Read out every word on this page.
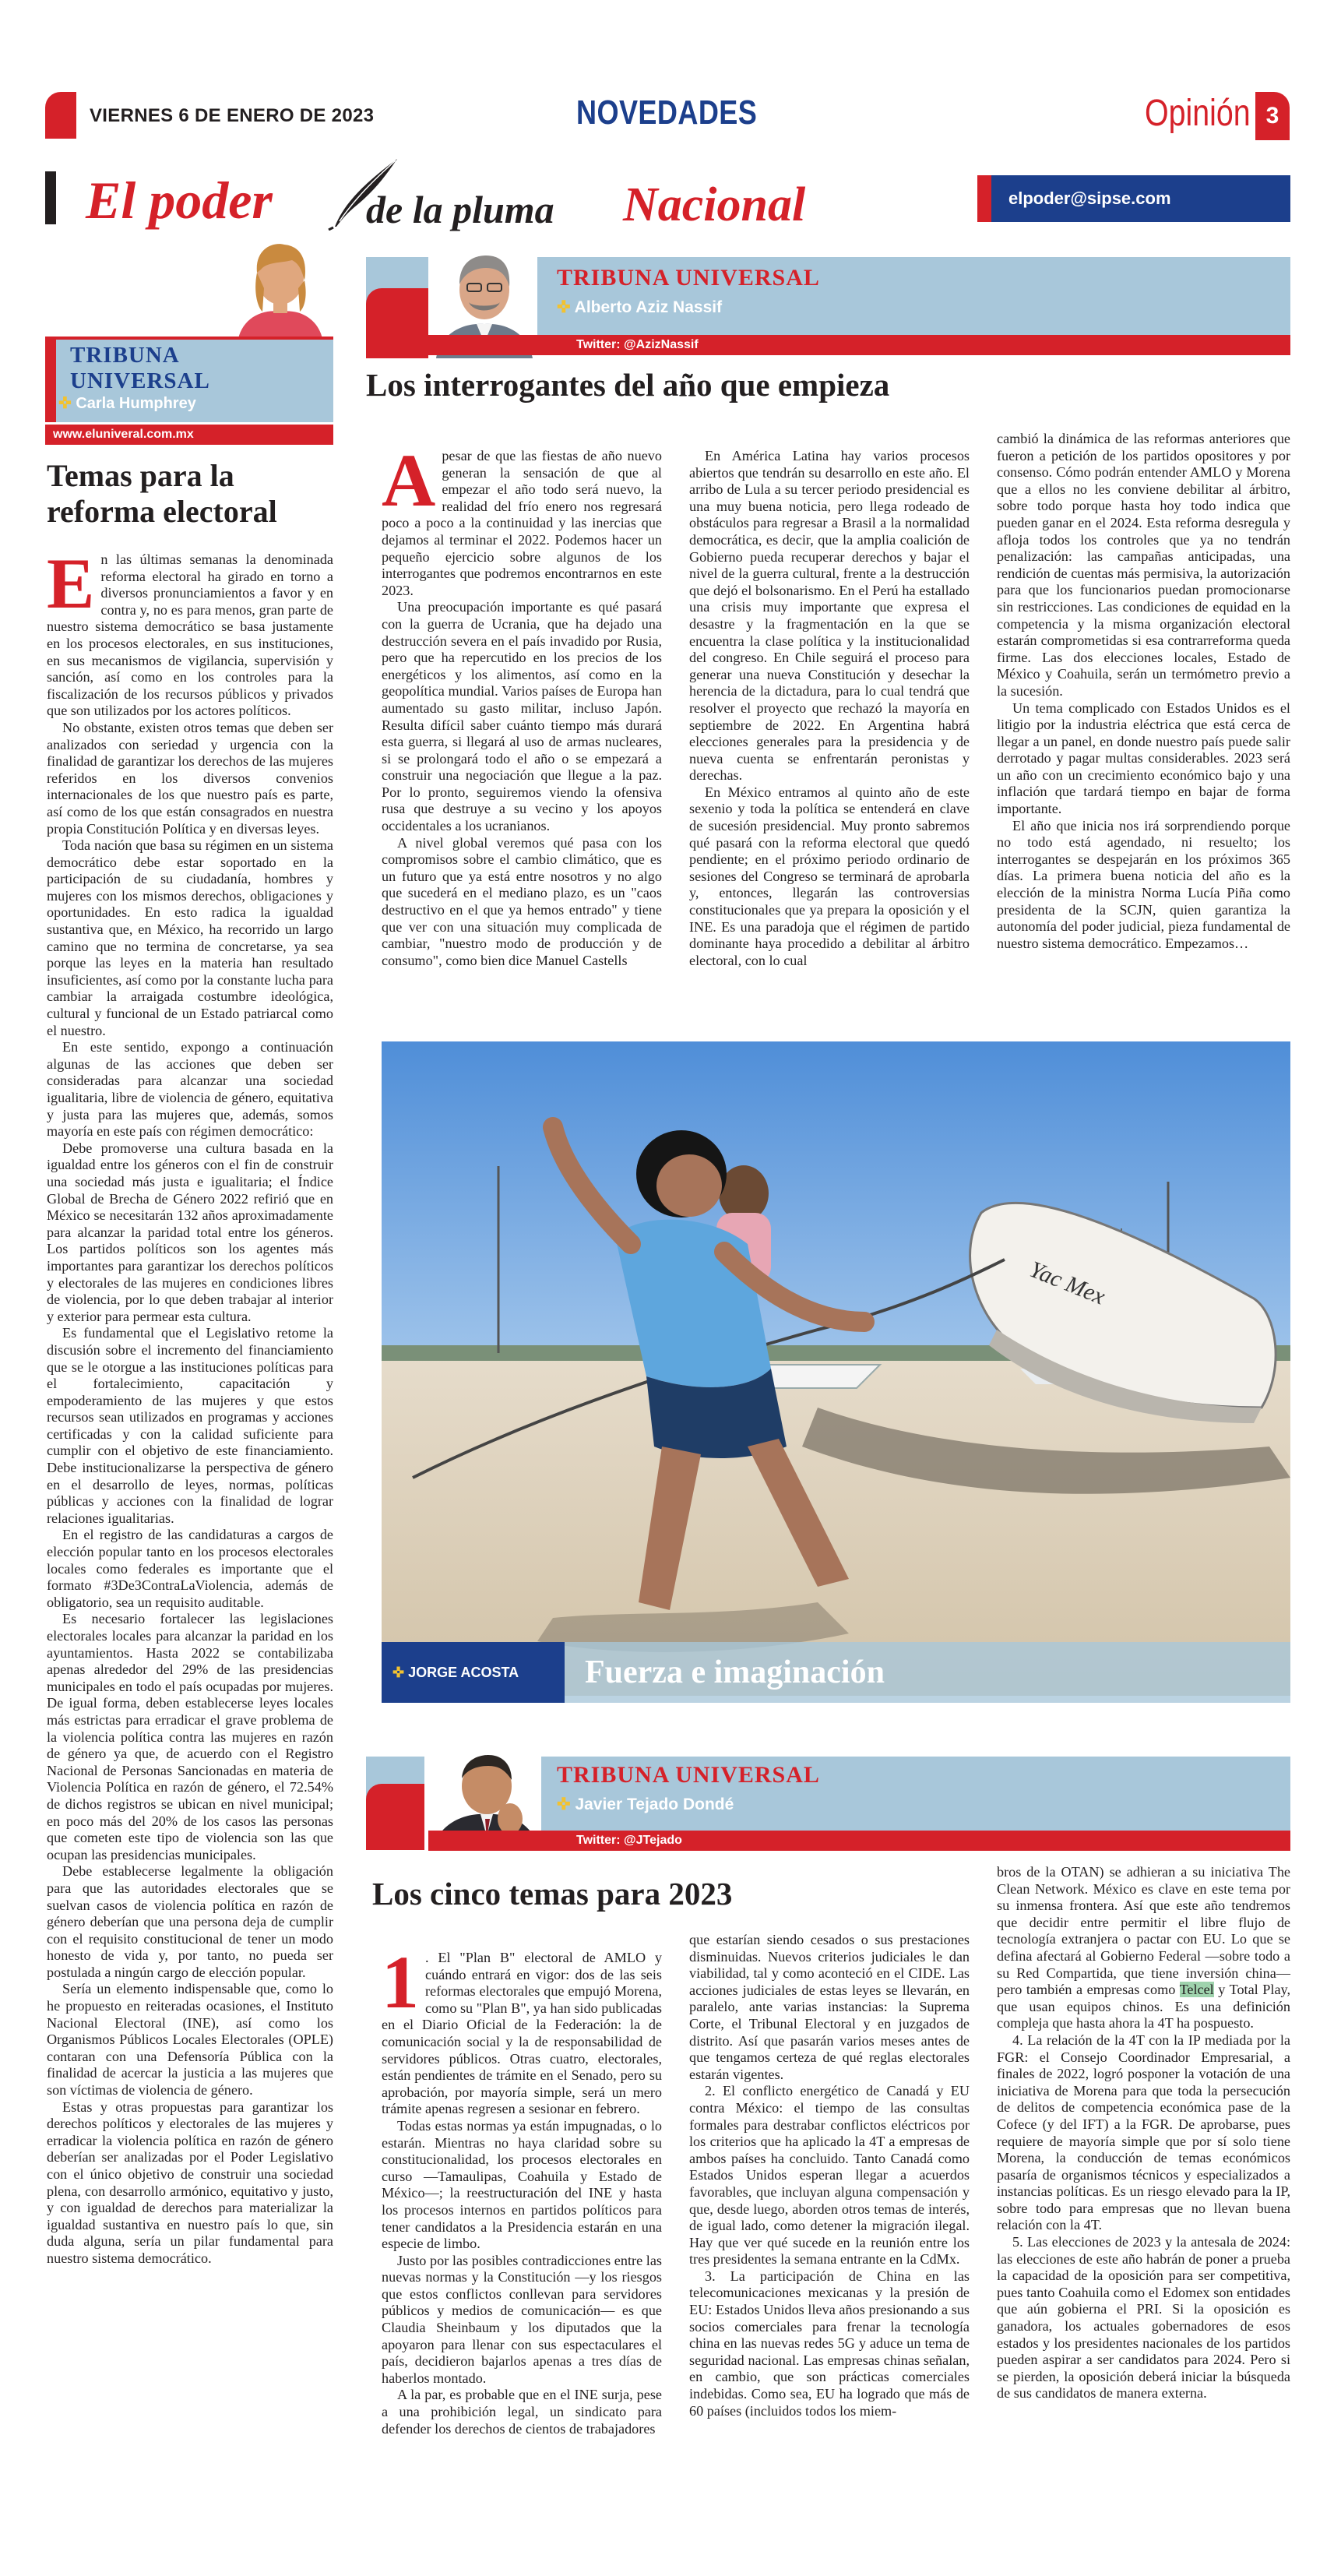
VIERNES 6 DE ENERO DE 2023	NOVEDADES	Opinión 3
El poder de la pluma Nacional	elpoder@sipse.com
TRIBUNA UNIVERSAL
✜ Carla Humphrey
www.eluniveral.com.mx
Temas para la reforma electoral

En las últimas semanas la denominada reforma electoral ha girado en torno a diversos pronunciamientos a favor y en contra y, no es para menos, gran parte de nuestro sistema democrático se basa justamente en los procesos electorales, en sus instituciones, en sus mecanismos de vigilancia, supervisión y sanción, así como en los controles para la fiscalización de los recursos públicos y privados que son utilizados por los actores políticos.

No obstante, existen otros temas que deben ser analizados con seriedad y urgencia con la finalidad de garantizar los derechos de las mujeres referidos en los diversos convenios internacionales de los que nuestro país es parte, así como de los que están consagrados en nuestra propia Constitución Política y en diversas leyes.

Toda nación que basa su régimen en un sistema democrático debe estar soportado en la participación de su ciudadanía, hombres y mujeres con los mismos derechos, obligaciones y oportunidades. En esto radica la igualdad sustantiva que, en México, ha recorrido un largo camino que no termina de concretarse, ya sea porque las leyes en la materia han resultado insuficientes, así como por la constante lucha para cambiar la arraigada costumbre ideológica, cultural y funcional de un Estado patriarcal como el nuestro.

En este sentido, expongo a continuación algunas de las acciones que deben ser consideradas para alcanzar una sociedad igualitaria, libre de violencia de género, equitativa y justa para las mujeres que, además, somos mayoría en este país con régimen democrático:

Debe promoverse una cultura basada en la igualdad entre los géneros con el fin de construir una sociedad más justa e igualitaria; el Índice Global de Brecha de Género 2022 refirió que en México se necesitarán 132 años aproximadamente para alcanzar la paridad total entre los géneros. Los partidos políticos son los agentes más importantes para garantizar los derechos políticos y electorales de las mujeres en condiciones libres de violencia, por lo que deben trabajar al interior y exterior para permear esta cultura.

Es fundamental que el Legislativo retome la discusión sobre el incremento del financiamiento que se le otorgue a las instituciones políticas para el fortalecimiento, capacitación y empoderamiento de las mujeres y que estos recursos sean utilizados en programas y acciones certificadas y con la calidad suficiente para cumplir con el objetivo de este financiamiento. Debe institucionalizarse la perspectiva de género en el desarrollo de leyes, normas, políticas públicas y acciones con la finalidad de lograr relaciones igualitarias.

En el registro de las candidaturas a cargos de elección popular tanto en los procesos electorales locales como federales es importante que el formato #3De3ContraLaViolencia, además de obligatorio, sea un requisito auditable.

Es necesario fortalecer las legislaciones electorales locales para alcanzar la paridad en los ayuntamientos. Hasta 2022 se contabilizaba apenas alrededor del 29% de las presidencias municipales en todo el país ocupadas por mujeres. De igual forma, deben establecerse leyes locales más estrictas para erradicar el grave problema de la violencia política contra las mujeres en razón de género ya que, de acuerdo con el Registro Nacional de Personas Sancionadas en materia de Violencia Política en razón de género, el 72.54% de dichos registros se ubican en nivel municipal; en poco más del 20% de los casos las personas que cometen este tipo de violencia son las que ocupan las presidencias municipales.

Debe establecerse legalmente la obligación para que las autoridades electorales que se suelvan casos de violencia política en razón de género deberían que una persona deja de cumplir con el requisito constitucional de tener un modo honesto de vida y, por tanto, no pueda ser postulada a ningún cargo de elección popular.

Sería un elemento indispensable que, como lo he propuesto en reiteradas ocasiones, el Instituto Nacional Electoral (INE), así como los Organismos Públicos Locales Electorales (OPLE) contaran con una Defensoría Pública con la finalidad de acercar la justicia a las mujeres que son víctimas de violencia de género.

Estas y otras propuestas para garantizar los derechos políticos y electorales de las mujeres y erradicar la violencia política en razón de género deberían ser analizadas por el Poder Legislativo con el único objetivo de construir una sociedad plena, con desarrollo armónico, equitativo y justo, y con igualdad de derechos para materializar la igualdad sustantiva en nuestro país lo que, sin duda alguna, sería un pilar fundamental para nuestro sistema democrático.

TRIBUNA UNIVERSAL
✜ Alberto Aziz Nassif
Twitter: @AzizNassif
Los interrogantes del año que empieza

Apesar de que las fiestas de año nuevo generan la sensación de que al empezar el año todo será nuevo, la realidad del frío enero nos regresará poco a poco a la continuidad y las inercias que dejamos al terminar el 2022. Podemos hacer un pequeño ejercicio sobre algunos de los interrogantes que podremos encontrarnos en este 2023.

Una preocupación importante es qué pasará con la guerra de Ucrania, que ha dejado una destrucción severa en el país invadido por Rusia, pero que ha repercutido en los precios de los energéticos y los alimentos, así como en la geopolítica mundial. Varios países de Europa han aumentado su gasto militar, incluso Japón. Resulta difícil saber cuánto tiempo más durará esta guerra, si llegará al uso de armas nucleares, si se prolongará todo el año o se empezará a construir una negociación que llegue a la paz. Por lo pronto, seguiremos viendo la ofensiva rusa que destruye a su vecino y los apoyos occidentales a los ucranianos.

A nivel global veremos qué pasa con los compromisos sobre el cambio climático, que es un futuro que ya está entre nosotros y no algo que sucederá en el mediano plazo, es un "caos destructivo en el que ya hemos entrado" y tiene que ver con una situación muy complicada de cambiar, "nuestro modo de producción y de consumo", como bien dice Manuel Castells

En América Latina hay varios procesos abiertos que tendrán su desarrollo en este año. El arribo de Lula a su tercer periodo presidencial es una muy buena noticia, pero llega rodeado de obstáculos para regresar a Brasil a la normalidad democrática, es decir, que la amplia coalición de Gobierno pueda recuperar derechos y bajar el nivel de la guerra cultural, frente a la destrucción que dejó el bolsonarismo. En el Perú ha estallado una crisis muy importante que expresa el desastre y la fragmentación en la que se encuentra la clase política y la institucionalidad del congreso. En Chile seguirá el proceso para generar una nueva Constitución y desechar la herencia de la dictadura, para lo cual tendrá que resolver el proyecto que rechazó la mayoría en septiembre de 2022. En Argentina habrá elecciones generales para la presidencia y de nueva cuenta se enfrentarán peronistas y derechas.

En México entramos al quinto año de este sexenio y toda la política se entenderá en clave de sucesión presidencial. Muy pronto sabremos qué pasará con la reforma electoral que quedó pendiente; en el próximo periodo ordinario de sesiones del Congreso se terminará de aprobarla y, entonces, llegarán las controversias constitucionales que ya prepara la oposición y el INE. Es una paradoja que el régimen de partido dominante haya procedido a debilitar al árbitro electoral, con lo cual

cambió la dinámica de las reformas anteriores que fueron a petición de los partidos opositores y por consenso. Cómo podrán entender AMLO y Morena que a ellos no les conviene debilitar al árbitro, sobre todo porque hasta hoy todo indica que pueden ganar en el 2024. Esta reforma desregula y afloja todos los controles que ya no tendrán penalización: las campañas anticipadas, una rendición de cuentas más permisiva, la autorización para que los funcionarios puedan promocionarse sin restricciones. Las condiciones de equidad en la competencia y la misma organización electoral estarán comprometidas si esa contrarreforma queda firme. Las dos elecciones locales, Estado de México y Coahuila, serán un termómetro previo a la sucesión.

Un tema complicado con Estados Unidos es el litigio por la industria eléctrica que está cerca de llegar a un panel, en donde nuestro país puede salir derrotado y pagar multas considerables. 2023 será un año con un crecimiento económico bajo y una inflación que tardará tiempo en bajar de forma importante.

El año que inicia nos irá sorprendiendo porque no todo está agendado, ni resuelto; los interrogantes se despejarán en los próximos 365 días. La primera buena noticia del año es la elección de la ministra Norma Lucía Piña como presidenta de la SCJN, quien garantiza la autonomía del poder judicial, pieza fundamental de nuestro sistema democrático. Empezamos…

Yac Mex
✜ JORGE ACOSTA	Fuerza e imaginación
TRIBUNA UNIVERSAL
✜ Javier Tejado Dondé
Twitter: @JTejado
Los cinco temas para 2023

1 . El "Plan B" electoral de AMLO y cuándo entrará en vigor: dos de las seis reformas electorales que empujó Morena, como su "Plan B", ya han sido publicadas en el Diario Oficial de la Federación: la de comunicación social y la de responsabilidad de servidores públicos. Otras cuatro, electorales, están pendientes de trámite en el Senado, pero su aprobación, por mayoría simple, será un mero trámite apenas regresen a sesionar en febrero.

Todas estas normas ya están impugnadas, o lo estarán. Mientras no haya claridad sobre su constitucionalidad, los procesos electorales en curso —Tamaulipas, Coahuila y Estado de México—; la reestructuración del INE y hasta los procesos internos en partidos políticos para tener candidatos a la Presidencia estarán en una especie de limbo.

Justo por las posibles contradicciones entre las nuevas normas y la Constitución —y los riesgos que estos conflictos conllevan para servidores públicos y medios de comunicación— es que Claudia Sheinbaum y los diputados que la apoyaron para llenar con sus espectaculares el país, decidieron bajarlos apenas a tres días de haberlos montado.

A la par, es probable que en el INE surja, pese a una prohibición legal, un sindicato para defender los derechos de cientos de trabajadores

que estarían siendo cesados o sus prestaciones disminuidas. Nuevos criterios judiciales le dan viabilidad, tal y como aconteció en el CIDE. Las acciones judiciales de estas leyes se llevarán, en paralelo, ante varias instancias: la Suprema Corte, el Tribunal Electoral y en juzgados de distrito. Así que pasarán varios meses antes de que tengamos certeza de qué reglas electorales estarán vigentes.

2. El conflicto energético de Canadá y EU contra México: el tiempo de las consultas formales para destrabar conflictos eléctricos por los criterios que ha aplicado la 4T a empresas de ambos países ha concluido. Tanto Canadá como Estados Unidos esperan llegar a acuerdos favorables, que incluyan alguna compensación y que, desde luego, aborden otros temas de interés, de igual lado, como detener la migración ilegal. Hay que ver qué sucede en la reunión entre los tres presidentes la semana entrante en la CdMx.

3. La participación de China en las telecomunicaciones mexicanas y la presión de EU: Estados Unidos lleva años presionando a sus socios comerciales para frenar la tecnología china en las nuevas redes 5G y aduce un tema de seguridad nacional. Las empresas chinas señalan, en cambio, que son prácticas comerciales indebidas. Como sea, EU ha logrado que más de 60 países (incluidos todos los miem-

bros de la OTAN) se adhieran a su iniciativa The Clean Network. México es clave en este tema por su inmensa frontera. Así que este año tendremos que decidir entre permitir el libre flujo de tecnología extranjera o pactar con EU. Lo que se defina afectará al Gobierno Federal —sobre todo a su Red Compartida, que tiene inversión china— pero también a empresas como Telcel y Total Play, que usan equipos chinos. Es una definición compleja que hasta ahora la 4T ha pospuesto.

4. La relación de la 4T con la IP mediada por la FGR: el Consejo Coordinador Empresarial, a finales de 2022, logró posponer la votación de una iniciativa de Morena para que toda la persecución de delitos de competencia económica pase de la Cofece (y del IFT) a la FGR. De aprobarse, pues requiere de mayoría simple que por sí solo tiene Morena, la conducción de temas económicos pasaría de organismos técnicos y especializados a instancias políticas. Es un riesgo elevado para la IP, sobre todo para empresas que no llevan buena relación con la 4T.

5. Las elecciones de 2023 y la antesala de 2024: las elecciones de este año habrán de poner a prueba la capacidad de la oposición para ser competitiva, pues tanto Coahuila como el Edomex son entidades que aún gobierna el PRI. Si la oposición es ganadora, los actuales gobernadores de esos estados y los presidentes nacionales de los partidos pueden aspirar a ser candidatos para 2024. Pero si se pierden, la oposición deberá iniciar la búsqueda de sus candidatos de manera externa.
